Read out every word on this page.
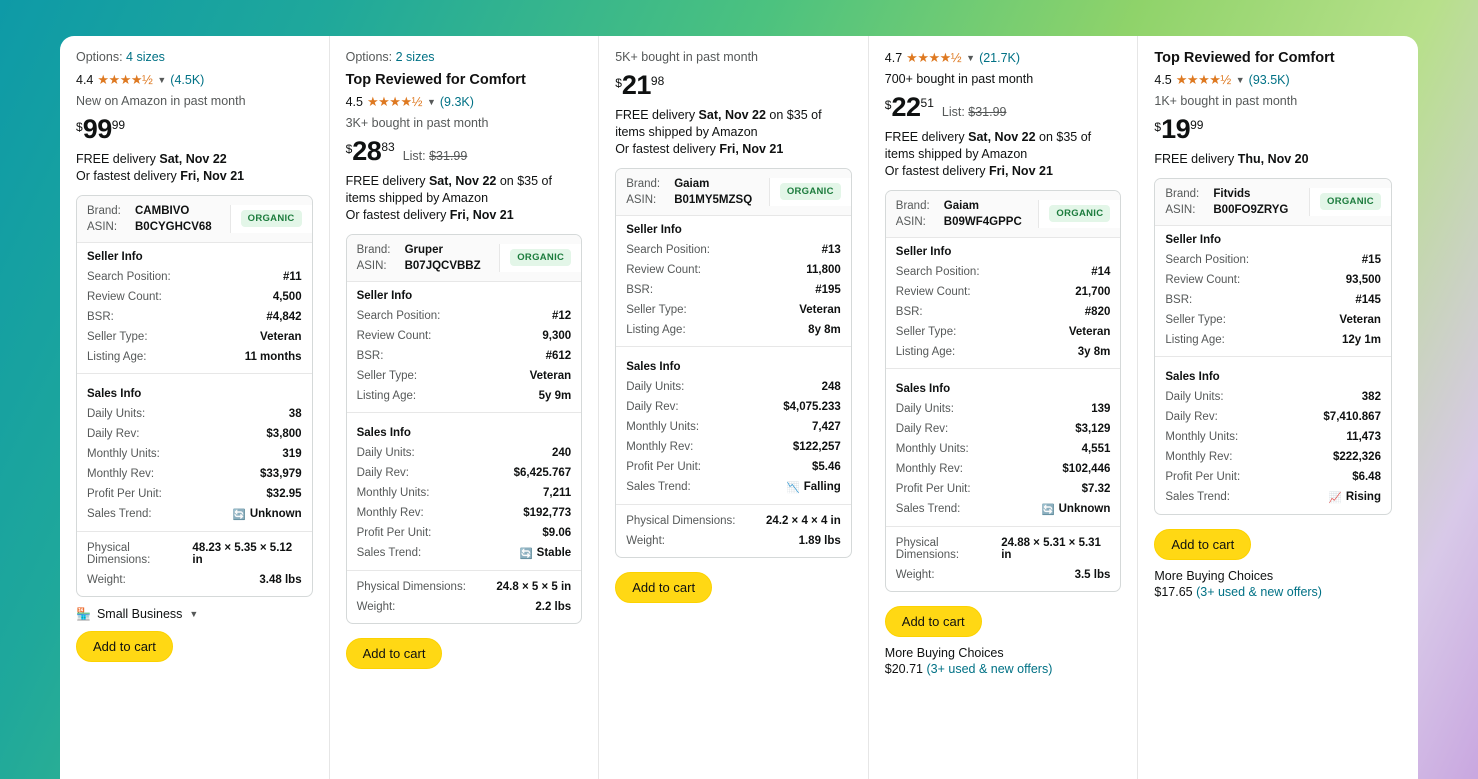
Options: 4 sizes
4.4 ★★★★½ ▼ (4.5K)
New on Amazon in past month
$ 99 99
FREE delivery Sat, Nov 22
Or fastest delivery Fri, Nov 21
Brand:	CAMBIVO
ASIN:	B0CYGHCV68
ORGANIC
Seller Info
Search Position:	#11
Review Count:	4,500
BSR:	#4,842
Seller Type:	Veteran
Listing Age:	11 months
Sales Info
Daily Units:	38
Daily Rev:	$3,800
Monthly Units:	319
Monthly Rev:	$33,979
Profit Per Unit:	$32.95
Sales Trend:	🔄 Unknown
Physical Dimensions:
48.23 × 5.35 × 5.12 in
Weight:	3.48 lbs
🏪 Small Business ▼
Add to cart
Options: 2 sizes
Top Reviewed for Comfort
4.5 ★★★★½ ▼ (9.3K)
3K+ bought in past month
$ 28 83
List: $31.99
FREE delivery Sat, Nov 22 on $35 of items shipped by Amazon
Or fastest delivery Fri, Nov 21
Brand:	Gruper
ASIN:	B07JQCVBBZ
ORGANIC
Seller Info
Search Position:	#12
Review Count:	9,300
BSR:	#612
Seller Type:	Veteran
Listing Age:	5y 9m
Sales Info
Daily Units:	240
Daily Rev:	$6,425.767
Monthly Units:	7,211
Monthly Rev:	$192,773
Profit Per Unit:	$9.06
Sales Trend:	🔄 Stable
Physical Dimensions:	24.8 × 5 × 5 in
Weight:	2.2 lbs
Add to cart
5K+ bought in past month
$ 21 98
FREE delivery Sat, Nov 22 on $35 of items shipped by Amazon
Or fastest delivery Fri, Nov 21
Brand:	Gaiam
ASIN:	B01MY5MZSQ
ORGANIC
Seller Info
Search Position:	#13
Review Count:	11,800
BSR:	#195
Seller Type:	Veteran
Listing Age:	8y 8m
Sales Info
Daily Units:	248
Daily Rev:	$4,075.233
Monthly Units:	7,427
Monthly Rev:	$122,257
Profit Per Unit:	$5.46
Sales Trend:	📉 Falling
Physical Dimensions:	24.2 × 4 × 4 in
Weight:	1.89 lbs
Add to cart
4.7 ★★★★½ ▼ (21.7K)
700+ bought in past month
$ 22 51
List: $31.99
FREE delivery Sat, Nov 22 on $35 of items shipped by Amazon
Or fastest delivery Fri, Nov 21
Brand:	Gaiam
ASIN:	B09WF4GPPC
ORGANIC
Seller Info
Search Position:	#14
Review Count:	21,700
BSR:	#820
Seller Type:	Veteran
Listing Age:	3y 8m
Sales Info
Daily Units:	139
Daily Rev:	$3,129
Monthly Units:	4,551
Monthly Rev:	$102,446
Profit Per Unit:	$7.32
Sales Trend:	🔄 Unknown
Physical Dimensions:
24.88 × 5.31 × 5.31 in
Weight:	3.5 lbs
Add to cart
More Buying Choices
$20.71 (3+ used & new offers)
Top Reviewed for Comfort
4.5 ★★★★½ ▼ (93.5K)
1K+ bought in past month
$ 19 99
FREE delivery Thu, Nov 20
Brand:	Fitvids
ASIN:	B00FO9ZRYG
ORGANIC
Seller Info
Search Position:	#15
Review Count:	93,500
BSR:	#145
Seller Type:	Veteran
Listing Age:	12y 1m
Sales Info
Daily Units:	382
Daily Rev:	$7,410.867
Monthly Units:	11,473
Monthly Rev:	$222,326
Profit Per Unit:	$6.48
Sales Trend:	📈 Rising
Add to cart
More Buying Choices
$17.65 (3+ used & new offers)
